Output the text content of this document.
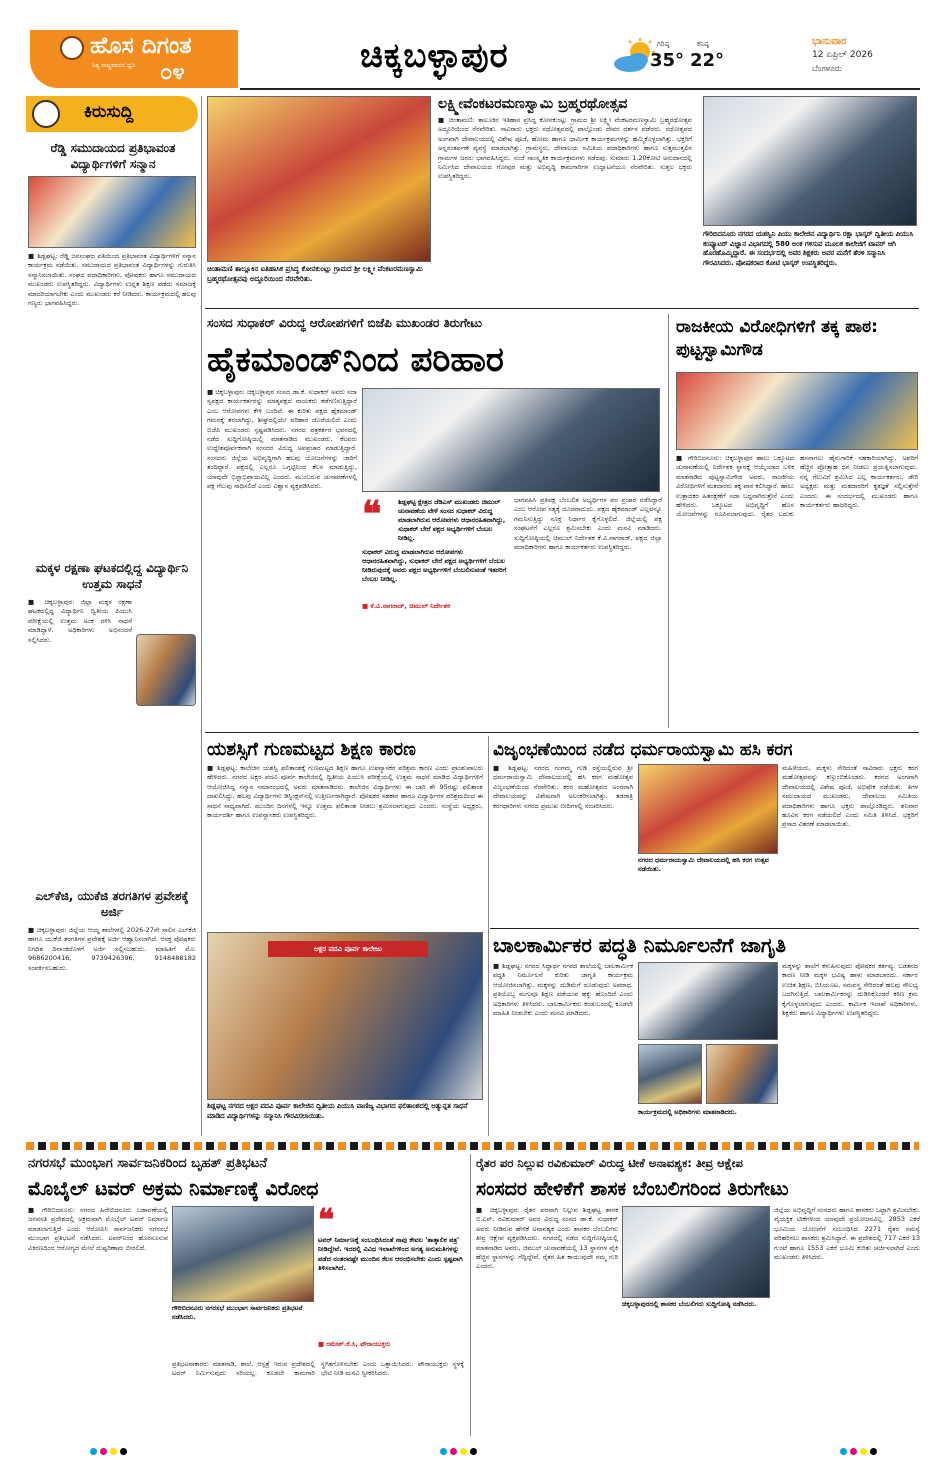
ಹೊಸ ದಿಗಂತ
ನಿತ್ಯ ರಾಷ್ಟ್ರವಾದದ ಧ್ವನಿ	೦೪	ಚಿಕ್ಕಬಳ್ಳಾಪುರ	ಗರಿಷ್ಠ
35°
ಕನಿಷ್ಠ
22°
ಭಾನುವಾರ
12 ಏಪ್ರಿಲ್ 2026
ಬೆಂಗಳೂರು
ಕಿರುಸುದ್ದಿ
ರೆಡ್ಡಿ ಸಮುದಾಯದ ಪ್ರತಿಭಾವಂತ ವಿದ್ಯಾರ್ಥಿಗಳಿಗೆ ಸನ್ಮಾನ
■ ಶಿಡ್ಲಘಟ್ಟ: ರೆಡ್ಡಿ ಜನಸಂಘದ ವತಿಯಿಂದ ಪ್ರತಿಭಾವಂತ ವಿದ್ಯಾರ್ಥಿಗಳಿಗೆ ಸನ್ಮಾನ ಕಾರ್ಯಕ್ರಮ ನಡೆಯಿತು. ಸಮುದಾಯದ ಪ್ರತಿಭಾವಂತ ವಿದ್ಯಾರ್ಥಿಗಳನ್ನು ಗುರುತಿಸಿ ಸನ್ಮಾನಿಸಲಾಯಿತು. ಸಂಘದ ಪದಾಧಿಕಾರಿಗಳು, ಪೋಷಕರು ಹಾಗೂ ಸಮುದಾಯದ ಮುಖಂಡರು ಉಪಸ್ಥಿತರಿದ್ದರು. ವಿದ್ಯಾರ್ಥಿಗಳು ಉನ್ನತ ಶಿಕ್ಷಣ ಪಡೆದು ಸಮಾಜಕ್ಕೆ ಮಾದರಿಯಾಗಬೇಕು ಎಂದು ಮುಖಂಡರು ಕರೆ ನೀಡಿದರು. ಕಾರ್ಯಕ್ರಮದಲ್ಲಿ ಹಲವು ಗಣ್ಯರು ಭಾಗವಹಿಸಿದ್ದರು.
ಮಕ್ಕಳ ರಕ್ಷಣಾ ಘಟಕದಲ್ಲಿದ್ದ ವಿದ್ಯಾರ್ಥಿನಿ ಉತ್ತಮ ಸಾಧನೆ
■ ಚಿಕ್ಕಬಳ್ಳಾಪುರ: ಜಿಲ್ಲಾ ಮಕ್ಕಳ ರಕ್ಷಣಾ ಘಟಕದಲ್ಲಿದ್ದ ವಿದ್ಯಾರ್ಥಿನಿ ದ್ವಿತೀಯ ಪಿಯುಸಿ ಪರೀಕ್ಷೆಯಲ್ಲಿ ಉತ್ತಮ ಅಂಕ ಗಳಿಸಿ ಸಾಧನೆ ಮಾಡಿದ್ದಾಳೆ. ಅಧಿಕಾರಿಗಳು ಅಭಿನಂದನೆ ಸಲ್ಲಿಸಿದರು.
ಎಲ್‌ಕೆಜಿ, ಯುಕೆಜಿ ತರಗತಿಗಳ ಪ್ರವೇಶಕ್ಕೆ ಅರ್ಜಿ
■ ಚಿಕ್ಕಬಳ್ಳಾಪುರ: ಜಿಲ್ಲೆಯ ಆಯ್ದ ಶಾಲೆಗಳಲ್ಲಿ 2026-27ನೇ ಸಾಲಿನ ಎಲ್‌ಕೆಜಿ ಹಾಗೂ ಯುಕೆಜಿ ತರಗತಿಗಳ ಪ್ರವೇಶಕ್ಕೆ ಅರ್ಜಿ ಆಹ್ವಾನಿಸಲಾಗಿದೆ. ಆಸಕ್ತ ಪೋಷಕರು ನಿಗದಿತ ದಿನಾಂಕದೊಳಗೆ ಅರ್ಜಿ ಸಲ್ಲಿಸಬಹುದು. ಮಾಹಿತಿಗೆ ಮೊ: 9686200416, 9739426396, 9148488182 ಸಂಪರ್ಕಿಸಬಹುದು.
ಚಿಂತಾಮಣಿ ತಾಲ್ಲೂಕಿನ ಐತಿಹಾಸಿಕ ಪ್ರಸಿದ್ಧ ಕೋನಕುಂಟ್ಲು ಗ್ರಾಮದ ಶ್ರೀ ಲಕ್ಷ್ಮೀ ವೆಂಕಟರಮಣಸ್ವಾಮಿ ಬ್ರಹ್ಮರಥೋತ್ಸವವು ಅದ್ದೂರಿಯಿಂದ ನೆರವೇರಿತು.
ಲಕ್ಷ್ಮೀವೆಂಕಟರಮಣಸ್ವಾಮಿ ಬ್ರಹ್ಮರಥೋತ್ಸವ
■ ಚಿಂತಾಮಣಿ: ತಾಲೂಕಿನ ಇತಿಹಾಸ ಪ್ರಸಿದ್ಧ ಕೋನಕುಂಟ್ಲು ಗ್ರಾಮದ ಶ್ರೀ ಲಕ್ಷ್ಮೀ ವೆಂಕಟರಮಣಸ್ವಾಮಿ ಬ್ರಹ್ಮರಥೋತ್ಸವ ಅದ್ದೂರಿಯಿಂದ ನೆರವೇರಿತು. ಸಾವಿರಾರು ಭಕ್ತರು ರಥೋತ್ಸವದಲ್ಲಿ ಪಾಲ್ಗೊಂಡು ದೇವರ ದರ್ಶನ ಪಡೆದರು. ರಥೋತ್ಸವದ ಅಂಗವಾಗಿ ದೇವಾಲಯದಲ್ಲಿ ವಿಶೇಷ ಪೂಜೆ, ಹೋಮ ಹಾಗೂ ಧಾರ್ಮಿಕ ಕಾರ್ಯಕ್ರಮಗಳನ್ನು ಹಮ್ಮಿಕೊಳ್ಳಲಾಗಿತ್ತು. ಭಕ್ತರಿಗೆ ಅನ್ನಸಂತರ್ಪಣೆ ವ್ಯವಸ್ಥೆ ಮಾಡಲಾಗಿತ್ತು. ಗ್ರಾಮಸ್ಥರು, ದೇವಾಲಯ ಸಮಿತಿಯ ಪದಾಧಿಕಾರಿಗಳು ಹಾಗೂ ಸುತ್ತಮುತ್ತಲಿನ ಗ್ರಾಮಗಳ ಜನರು ಭಾಗವಹಿಸಿದ್ದರು. ಸಂಜೆ ಸಾಂಸ್ಕೃತಿಕ ಕಾರ್ಯಕ್ರಮಗಳು ನಡೆದವು. ಸುಮಾರು 1.20ಕೋಟಿ ಅನುದಾನದಲ್ಲಿ ನಿರ್ಮಿಸಿದ ದೇವಾಲಯದ ಗೋಪುರ ಮತ್ತು ಅಭಿವೃದ್ಧಿ ಕಾಮಗಾರಿಗಳ ಉದ್ಘಾಟನೆಯೂ ನೆರವೇರಿತು. ಸುತ್ತಲ ಭಕ್ತರು ಉಪಸ್ಥಿತರಿದ್ದರು.
ಗೌರಿಬಿದನೂರು ನಗರದ ಯಶಸ್ವಿನಿ ಪಿಯು ಕಾಲೇಜಿನ ವಿದ್ಯಾರ್ಥಿನಿ ರಕ್ಷಾ ಭಾಸ್ಕರ್ ದ್ವಿತೀಯ ಪಿಯುಸಿ ಕಂಪ್ಯೂಟರ್ ವಿಜ್ಞಾನ ವಿಭಾಗದಲ್ಲಿ 580 ಅಂಕ ಗಳಿಸುವ ಮೂಲಕ ಕಾಲೇಜಿಗೆ ಟಾಪರ್ ಆಗಿ ಹೊರಹೊಮ್ಮಿದ್ದಾರೆ. ಈ ಸಂದರ್ಭದಲ್ಲಿ ಅವರ ಶಿಕ್ಷಕರು ಅವರ ಮನೆಗೆ ತೆರಳಿ ಸನ್ಮಾನಿಸಿ ಗೌರವಿಸಿದರು. ಪೋಷಕರಾದ ಕೋಟಿ ಭಾಸ್ಕರ್ ಉಪಸ್ಥಿತರಿದ್ದರು.
ಸಂಸದ ಸುಧಾಕರ್ ವಿರುದ್ಧ ಆರೋಪಗಳಿಗೆ ಬಿಜೆಪಿ ಮುಖಂಡರ ತಿರುಗೇಟು
ಹೈಕಮಾಂಡ್‌ನಿಂದ ಪರಿಹಾರ
■ ಚಿಕ್ಕಬಳ್ಳಾಪುರ: ಚಿಕ್ಕಬಳ್ಳಾಪುರ ಸಂಸದ ಡಾ.ಕೆ. ಸುಧಾಕರ್ ಅವರು ಸದಾ ಸ್ವಪಕ್ಷದ ಕಾರ್ಯಕರ್ತರನ್ನು ಮಾತೃಪಕ್ಷದ ನಾಯಕರು ಕಡೆಗಣಿಸುತ್ತಿದ್ದಾರೆ ಎಂಬ ಆರೋಪಗಳು ಕೇಳಿ ಬಂದಿವೆ. ಈ ಕುರಿತು ಪಕ್ಷದ ಹೈಕಮಾಂಡ್ ಗಮನಕ್ಕೆ ತರಲಾಗಿದ್ದು, ಶೀಘ್ರದಲ್ಲಿಯೇ ಪರಿಹಾರ ದೊರೆಯಲಿದೆ ಎಂದು ಬಿಜೆಪಿ ಮುಖಂಡರು ಸ್ಪಷ್ಟಪಡಿಸಿದರು. ನಗರದ ಪತ್ರಕರ್ತರ ಭವನದಲ್ಲಿ ನಡೆದ ಸುದ್ದಿಗೋಷ್ಠಿಯಲ್ಲಿ ಮಾತನಾಡಿದ ಮುಖಂಡರು, ಕೆಲವರು ಉದ್ದೇಶಪೂರ್ವಕವಾಗಿ ಸಂಸದರ ವಿರುದ್ಧ ಅಪಪ್ರಚಾರ ಮಾಡುತ್ತಿದ್ದಾರೆ. ಸಂಸದರು ಜಿಲ್ಲೆಯ ಅಭಿವೃದ್ಧಿಗಾಗಿ ಹಲವು ಯೋಜನೆಗಳನ್ನು ಜಾರಿಗೆ ತಂದಿದ್ದಾರೆ. ಪಕ್ಷದಲ್ಲಿ ಎಲ್ಲರೂ ಒಗ್ಗಟ್ಟಿನಿಂದ ಕೆಲಸ ಮಾಡುತ್ತಿದ್ದು, ಯಾವುದೇ ಭಿನ್ನಾಭಿಪ್ರಾಯವಿಲ್ಲ ಎಂದರು. ಮುಂಬರುವ ಚುನಾವಣೆಗಳಲ್ಲಿ ಪಕ್ಷ ಗೆಲುವು ಸಾಧಿಸಲಿದೆ ಎಂದು ವಿಶ್ವಾಸ ವ್ಯಕ್ತಪಡಿಸಿದರು.
❝	ಶಿಡ್ಲಘಟ್ಟ ಕ್ಷೇತ್ರದ ಜೆಡಿಎಸ್ ಮುಖಂಡರು ಚಿಮುಲ್ ಚುನಾವಣೆಯ ವೇಳೆ ಸಂಸದ ಸುಧಾಕರ್ ವಿರುದ್ಧ ಮಾಡಲಾಗಿರುವ ಆರೋಪಗಳು ಆಧಾರರಹಿತವಾಗಿದ್ದು, ಸುಧಾಕರ್ ಬೇರೆ ಪಕ್ಷದ ಅಭ್ಯರ್ಥಿಗಳಿಗೆ ಬೆಂಬಲ ನೀಡಿಲ್ಲ.
ಸುಧಾಕರ್ ವಿರುದ್ಧ ಮಾಡಲಾಗಿರುವ ಆರೋಪಗಳು ಆಧಾರರಹಿತವಾಗಿದ್ದು, ಸುಧಾಕರ್ ಬೇರೆ ಪಕ್ಷದ ಅಭ್ಯರ್ಥಿಗಳಿಗೆ ಬೆಂಬಲ ನೀಡಿರುವುದಕ್ಕೆ ಅವರು ಪಕ್ಷದ ಅಭ್ಯರ್ಥಿಗಳಿಗೆ ಬೆಂಬಲಿಸುವಂತೆ ಇತರರಿಗೆ ಬೆಂಬಲ ನೀಡಿಲ್ಲ.
■ ಕೆ.ವಿ.ನಾಗರಾಜ್, ಚಿಮುಲ್ ನಿರ್ದೇಶಕ
ಭಾಗವಹಿಸಿ ಪ್ರತಿಪಕ್ಷ ಬೆಂಬಲಿತ ಅಭ್ಯರ್ಥಿಗಳ ಪರ ಪ್ರಚಾರ ನಡೆಸಿದ್ದಾರೆ ಎಂಬ ಆರೋಪ ಸತ್ಯಕ್ಕೆ ದೂರವಾದುದು. ಪಕ್ಷದ ಹೈಕಮಾಂಡ್ ಎಲ್ಲವನ್ನೂ ಗಮನಿಸುತ್ತಿದ್ದು ಸೂಕ್ತ ನಿರ್ಧಾರ ಕೈಗೊಳ್ಳಲಿದೆ. ಜಿಲ್ಲೆಯಲ್ಲಿ ಪಕ್ಷ ಸಂಘಟನೆಗೆ ಎಲ್ಲರೂ ಶ್ರಮಿಸಬೇಕು ಎಂದು ಮನವಿ ಮಾಡಿದರು. ಸುದ್ದಿಗೋಷ್ಠಿಯಲ್ಲಿ ಚಿಮುಲ್ ನಿರ್ದೇಶಕ ಕೆ.ವಿ.ನಾಗರಾಜ್, ಪಕ್ಷದ ಜಿಲ್ಲಾ ಪದಾಧಿಕಾರಿಗಳು ಹಾಗೂ ಕಾರ್ಯಕರ್ತರು ಉಪಸ್ಥಿತರಿದ್ದರು.
ರಾಜಕೀಯ ವಿರೋಧಿಗಳಿಗೆ ತಕ್ಕ ಪಾಠ: ಪುಟ್ಟಸ್ವಾಮಿಗೌಡ
■ ಗೌರಿಬಿದನೂರು: ಚಿಕ್ಕಬಳ್ಳಾಪುರ ಹಾಲು ಒಕ್ಕೂಟದ ಚುನಾವಣೆಯಲ್ಲಿ ನಿರ್ದೇಶಕ ಸ್ಥಾನಕ್ಕೆ ಆಯ್ಕೆಯಾದ ಬಳಿಕ ಮಾತನಾಡಿದ ಪುಟ್ಟಸ್ವಾಮಿಗೌಡ ಅವರು, ರಾಜಕೀಯ ವಿರೋಧಿಗಳಿಗೆ ಮತದಾರರು ತಕ್ಕ ಪಾಠ ಕಲಿಸಿದ್ದಾರೆ. ಹಾಲು ಉತ್ಪಾದಕರ ಹಿತರಕ್ಷಣೆಗೆ ಸದಾ ಬದ್ಧನಾಗಿರುತ್ತೇನೆ ಎಂದು ಹೇಳಿದರು. ಒಕ್ಕೂಟದ ಅಭಿವೃದ್ಧಿಗೆ ಹೊಸ ಯೋಜನೆಗಳನ್ನು ರೂಪಿಸಲಾಗುವುದು. ರೈತರ ಬದುಕು ಹಸನಾಗಲು ಹೈನುಗಾರಿಕೆ ಸಹಕಾರಿಯಾಗಿದ್ದು, ಅವರಿಗೆ ಹೆಚ್ಚಿನ ಪ್ರೋತ್ಸಾಹ ಧನ ನೀಡಲು ಪ್ರಯತ್ನಿಸಲಾಗುವುದು. ನನ್ನ ಗೆಲುವಿಗೆ ಶ್ರಮಿಸಿದ ಎಲ್ಲ ಕಾರ್ಯಕರ್ತರು, ಡೇರಿ ಅಧ್ಯಕ್ಷರು ಮತ್ತು ಮತದಾರರಿಗೆ ಕೃತಜ್ಞತೆ ಸಲ್ಲಿಸುತ್ತೇನೆ ಎಂದರು. ಈ ಸಂದರ್ಭದಲ್ಲಿ ಮುಖಂಡರು ಹಾಗೂ ಕಾರ್ಯಕರ್ತರು ಹಾಜರಿದ್ದರು.
ಯಶಸ್ಸಿಗೆ ಗುಣಮಟ್ಟದ ಶಿಕ್ಷಣ ಕಾರಣ
■ ಶಿಡ್ಲಘಟ್ಟ: ಕಾಲೇಜಿನ ಯಶಸ್ವಿ ಫಲಿತಾಂಶಕ್ಕೆ ಗುಣಮಟ್ಟದ ಶಿಕ್ಷಣ ಹಾಗೂ ಉಪನ್ಯಾಸಕರ ಪರಿಶ್ರಮ ಕಾರಣ ಎಂದು ಪ್ರಾಂಶುಪಾಲರು ಹೇಳಿದರು. ನಗರದ ಅಕ್ಷರ ಪದವಿ ಪೂರ್ವ ಕಾಲೇಜಿನಲ್ಲಿ ದ್ವಿತೀಯ ಪಿಯುಸಿ ಪರೀಕ್ಷೆಯಲ್ಲಿ ಉತ್ತಮ ಸಾಧನೆ ಮಾಡಿದ ವಿದ್ಯಾರ್ಥಿಗಳಿಗೆ ಆಯೋಜಿಸಿದ್ದ ಸನ್ಮಾನ ಸಮಾರಂಭದಲ್ಲಿ ಅವರು ಮಾತನಾಡಿದರು. ಕಾಲೇಜಿನ ವಿದ್ಯಾರ್ಥಿಗಳು ಈ ಬಾರಿ ಶೇ 95ರಷ್ಟು ಫಲಿತಾಂಶ ದಾಖಲಿಸಿದ್ದು, ಹಲವು ವಿದ್ಯಾರ್ಥಿಗಳು ಡಿಸ್ಟಿಂಕ್ಷನ್‌ನಲ್ಲಿ ಉತ್ತೀರ್ಣರಾಗಿದ್ದಾರೆ. ಪೋಷಕರ ಸಹಕಾರ ಹಾಗೂ ವಿದ್ಯಾರ್ಥಿಗಳ ಪರಿಶ್ರಮದಿಂದ ಈ ಸಾಧನೆ ಸಾಧ್ಯವಾಗಿದೆ. ಮುಂದಿನ ದಿನಗಳಲ್ಲಿ ಇನ್ನೂ ಉತ್ತಮ ಫಲಿತಾಂಶ ನೀಡಲು ಶ್ರಮಿಸಲಾಗುವುದು ಎಂದರು. ಸಂಸ್ಥೆಯ ಅಧ್ಯಕ್ಷರು, ಕಾರ್ಯದರ್ಶಿ ಹಾಗೂ ಉಪನ್ಯಾಸಕರು ಉಪಸ್ಥಿತರಿದ್ದರು.
ಅಕ್ಷರ ಪದವಿ ಪೂರ್ವ ಕಾಲೇಜು
ಶಿಡ್ಲಘಟ್ಟ ನಗರದ ಅಕ್ಷರ ಪದವಿ ಪೂರ್ವ ಕಾಲೇಜಿನ ದ್ವಿತೀಯ ಪಿಯುಸಿ ವಾಣಿಜ್ಯ ವಿಭಾಗದ ಫಲಿತಾಂಶದಲ್ಲಿ ಅತ್ಯುನ್ನತ ಸಾಧನೆ ಮಾಡಿದ ವಿದ್ಯಾರ್ಥಿಗಳನ್ನು ಸನ್ಮಾನಿಸಿ ಗೌರವಿಸಲಾಯಿತು.
ವಿಜೃಂಭಣೆಯಿಂದ ನಡೆದ ಧರ್ಮರಾಯಸ್ವಾಮಿ ಹಸಿ ಕರಗ
■ ಶಿಡ್ಲಘಟ್ಟ: ನಗರದ ಗಂಗಮ್ಮ ಗುಡಿ ರಸ್ತೆಯಲ್ಲಿರುವ ಶ್ರೀ ಧರ್ಮರಾಯಸ್ವಾಮಿ ದೇವಾಲಯದಲ್ಲಿ ಹಸಿ ಕರಗ ಮಹೋತ್ಸವ ವಿಜೃಂಭಣೆಯಿಂದ ನೆರವೇರಿತು. ಕರಗ ಮಹೋತ್ಸವದ ಅಂಗವಾಗಿ ದೇವಾಲಯವನ್ನು ವಿಶೇಷವಾಗಿ ಅಲಂಕರಿಸಲಾಗಿತ್ತು. ತಡರಾತ್ರಿ ಕರಗಧಾರಿಗಳು ನಗರದ ಪ್ರಮುಖ ಬೀದಿಗಳಲ್ಲಿ ಸಂಚರಿಸಿದರು.
ನಗರದ ಧರ್ಮರಾಯಸ್ವಾಮಿ ದೇವಾಲಯದಲ್ಲಿ ಹಸಿ ಕರಗ ಉತ್ಸವ ನಡೆಯಿತು.
ಮಹಿಳೆಯರು, ಮಕ್ಕಳು ಸೇರಿದಂತೆ ಸಾವಿರಾರು ಭಕ್ತರು ಕರಗ ಮಹೋತ್ಸವವನ್ನು ಕಣ್ತುಂಬಿಕೊಂಡರು. ಕರಗದ ಅಂಗವಾಗಿ ದೇವಾಲಯದಲ್ಲಿ ವಿಶೇಷ ಪೂಜೆ, ಅಭಿಷೇಕ ನಡೆಯಿತು. ತಿಗಳ ಸಮುದಾಯದ ಮುಖಂಡರು, ದೇವಾಲಯ ಸಮಿತಿಯ ಪದಾಧಿಕಾರಿಗಳು ಹಾಗೂ ಭಕ್ತರು ಪಾಲ್ಗೊಂಡಿದ್ದರು. ಶನಿವಾರ ಹೂವಿನ ಕರಗ ನಡೆಯಲಿದೆ ಎಂದು ಸಮಿತಿ ತಿಳಿಸಿದೆ. ಭಕ್ತರಿಗೆ ಪ್ರಸಾದ ವಿತರಣೆ ಮಾಡಲಾಯಿತು.
ಬಾಲಕಾರ್ಮಿಕರ ಪದ್ಧತಿ ನಿರ್ಮೂಲನೆಗೆ ಜಾಗೃತಿ
■ ಶಿಡ್ಲಘಟ್ಟ: ನಗರದ ಸಿದ್ಧಾರ್ಥ ನಗರದ ಶಾಲೆಯಲ್ಲಿ ಬಾಲಕಾರ್ಮಿಕ ಪದ್ಧತಿ ನಿರ್ಮೂಲನೆ ಕುರಿತು ಜಾಗೃತಿ ಕಾರ್ಯಕ್ರಮ ಆಯೋಜಿಸಲಾಗಿತ್ತು. ಮಕ್ಕಳನ್ನು ದುಡಿಮೆಗೆ ದೂಡುವುದು ಅಪರಾಧ. ಪ್ರತಿಯೊಬ್ಬ ಮಗುವೂ ಶಿಕ್ಷಣ ಪಡೆಯುವ ಹಕ್ಕು ಹೊಂದಿದೆ ಎಂದು ಅಧಿಕಾರಿಗಳು ತಿಳಿಸಿದರು. ಬಾಲಕಾರ್ಮಿಕರು ಕಂಡುಬಂದಲ್ಲಿ ಕೂಡಲೇ ಮಾಹಿತಿ ನೀಡಬೇಕು ಎಂದು ಮನವಿ ಮಾಡಿದರು.
ಕಾರ್ಯಕ್ರಮದಲ್ಲಿ ಅಧಿಕಾರಿಗಳು ಮಾತನಾಡಿದರು.
ಮಕ್ಕಳನ್ನು ಶಾಲೆಗೆ ಕಳುಹಿಸುವುದು ಪೋಷಕರ ಕರ್ತವ್ಯ. ಬಡತನದ ಕಾರಣ ನೀಡಿ ಮಕ್ಕಳ ಭವಿಷ್ಯ ಹಾಳು ಮಾಡಬಾರದು. ಸರ್ಕಾರ ಉಚಿತ ಶಿಕ್ಷಣ, ಬಿಸಿಯೂಟ, ಸಮವಸ್ತ್ರ ಸೇರಿದಂತೆ ಹಲವು ಸೌಲಭ್ಯ ಒದಗಿಸುತ್ತಿದೆ. ಬಾಲಕಾರ್ಮಿಕರನ್ನು ದುಡಿಸಿಕೊಂಡರೆ ಕಠಿಣ ಕ್ರಮ ಕೈಗೊಳ್ಳಲಾಗುವುದು ಎಂದರು. ಕಾರ್ಮಿಕ ಇಲಾಖೆ ಅಧಿಕಾರಿಗಳು, ಶಿಕ್ಷಕರು ಹಾಗೂ ವಿದ್ಯಾರ್ಥಿಗಳು ಉಪಸ್ಥಿತರಿದ್ದರು.
ನಗರಸಭೆ ಮುಂಭಾಗ ಸಾರ್ವಜನಿಕರಿಂದ ಬೃಹತ್ ಪ್ರತಿಭಟನೆ
ಮೊಬೈಲ್ ಟವರ್ ಅಕ್ರಮ ನಿರ್ಮಾಣಕ್ಕೆ ವಿರೋಧ
■ ಗೌರಿಬಿದನೂರು: ನಗರದ ಹಿರೇಬಿದನೂರು ಬಡಾವಣೆಯಲ್ಲಿ ಜನವಸತಿ ಪ್ರದೇಶದಲ್ಲಿ ಅಕ್ರಮವಾಗಿ ಮೊಬೈಲ್ ಟವರ್ ನಿರ್ಮಾಣ ಮಾಡಲಾಗುತ್ತಿದೆ ಎಂದು ಆರೋಪಿಸಿ ಸಾರ್ವಜನಿಕರು ನಗರಸಭೆ ಮುಂಭಾಗ ಪ್ರತಿಭಟನೆ ನಡೆಸಿದರು. ಟವರ್‌ನಿಂದ ಹೊರಸೂಸುವ ವಿಕಿರಣದಿಂದ ಆರೋಗ್ಯದ ಮೇಲೆ ದುಷ್ಪರಿಣಾಮ ಬೀರಲಿದೆ.
ಗೌರಿಬಿದನೂರು ನಗರಸಭೆ ಮುಂಭಾಗ ಸಾರ್ವಜನಿಕರು ಪ್ರತಿಭಟನೆ ನಡೆಸಿದರು.
❝
ಟವರ್ ನಿರ್ಮಾಣಕ್ಕೆ ಸಂಬಂಧಿಸಿದಂತೆ ನಾವು ಕೇವಲ 'ತಾತ್ಕಾಲಿಕ ಪತ್ರ' ನೀಡಿದ್ದೇವೆ. ಇದರಲ್ಲಿ ವಿವಿಧ ಇಲಾಖೆಗಳಿಂದ ಅಗತ್ಯ ಅನುಮತಿಗಳನ್ನು ಪಡೆದ ನಂತರವಷ್ಟೇ ಮುಂದಿನ ಕೆಲಸ ಆರಂಭಿಸಬೇಕು ಎಂದು ಸ್ಪಷ್ಟವಾಗಿ ತಿಳಿಸಲಾಗಿದೆ.
■ ರಮೇಶ್.ಕೆ.ಸಿ, ಪೌರಾಯುಕ್ತರು
ಪ್ರತಿಭಟನಾಕಾರರು ಮಾತನಾಡಿ, ಶಾಲೆ, ಆಸ್ಪತ್ರೆ ಇರುವ ಪ್ರದೇಶದಲ್ಲಿ ಟವರ್ ನಿರ್ಮಿಸುವುದು ಸರಿಯಲ್ಲ. ಕೂಡಲೇ ಕಾಮಗಾರಿ ಸ್ಥಗಿತಗೊಳಿಸಬೇಕು ಎಂದು ಒತ್ತಾಯಿಸಿದರು. ಪೌರಾಯುಕ್ತರು ಸ್ಥಳಕ್ಕೆ ಭೇಟಿ ನೀಡಿ ಮನವಿ ಸ್ವೀಕರಿಸಿದರು.
ರೈತರ ಪರ ನಿಲ್ಲುವ ರವಿಕುಮಾರ್ ವಿರುದ್ಧ ಟೀಕೆ ಅನಾವಶ್ಯಕ: ತೀವ್ರ ಆಕ್ಷೇಪ
ಸಂಸದರ ಹೇಳಿಕೆಗೆ ಶಾಸಕ ಬೆಂಬಲಿಗರಿಂದ ತಿರುಗೇಟು
■ ಚಿಕ್ಕಬಳ್ಳಾಪುರ: ರೈತರ ಪರವಾಗಿ ನಿಲ್ಲುವ ಶಿಡ್ಲಘಟ್ಟ ಶಾಸಕ ಬಿ.ಎನ್. ರವಿಕುಮಾರ್ ಅವರ ವಿರುದ್ಧ ಸಂಸದ ಡಾ.ಕೆ. ಸುಧಾಕರ್ ಅವರು ನೀಡಿರುವ ಹೇಳಿಕೆ ಅನಾವಶ್ಯಕ ಎಂದು ಶಾಸಕರ ಬೆಂಬಲಿಗರು ತೀವ್ರ ಆಕ್ಷೇಪ ವ್ಯಕ್ತಪಡಿಸಿದರು. ನಗರದಲ್ಲಿ ನಡೆದ ಸುದ್ದಿಗೋಷ್ಠಿಯಲ್ಲಿ ಮಾತನಾಡಿದ ಅವರು, ಚಿಮುಲ್ ಚುನಾವಣೆಯಲ್ಲಿ 13 ಸ್ಥಾನಗಳ ಪೈಕಿ ಹೆಚ್ಚಿನ ಸ್ಥಾನಗಳನ್ನು ಗೆದ್ದಿದ್ದೇವೆ. ರೈತರ ಹಿತ ಕಾಯುವುದೇ ನಮ್ಮ ಗುರಿ ಎಂದರು.
ಚಿಕ್ಕಬಳ್ಳಾಪುರದಲ್ಲಿ ಶಾಸಕರ ಬೆಂಬಲಿಗರು ಸುದ್ದಿಗೋಷ್ಠಿ ನಡೆಸಿದರು.
ಜಿಲ್ಲೆಯ ಅಭಿವೃದ್ಧಿಗೆ ಸಂಸದರು ಹಾಗೂ ಶಾಸಕರು ಒಟ್ಟಾಗಿ ಶ್ರಮಿಸಬೇಕು. ವೈಯಕ್ತಿಕ ಟೀಕೆಗಳಿಂದ ಯಾವುದೇ ಪ್ರಯೋಜನವಿಲ್ಲ. 2853 ಎಕರೆ ಭೂಮಿಯ ಯೋಜನೆಗೆ ಸಂಬಂಧಿಸಿದ 2271 ರೈತರ ಸಮಸ್ಯೆ ಪರಿಹರಿಸಲು ಶಾಸಕರು ಶ್ರಮಿಸಿದ್ದಾರೆ. ಈ ಪ್ರದೇಶದಲ್ಲಿ 717 ಎಕರೆ 13 ಗುಂಟೆ ಹಾಗೂ 1553 ಎಕರೆ ಭೂಮಿ ಕುರಿತು ಚರ್ಚಿಸಲಾಗಿದೆ ಎಂದು ಮುಖಂಡರು ತಿಳಿಸಿದರು.
